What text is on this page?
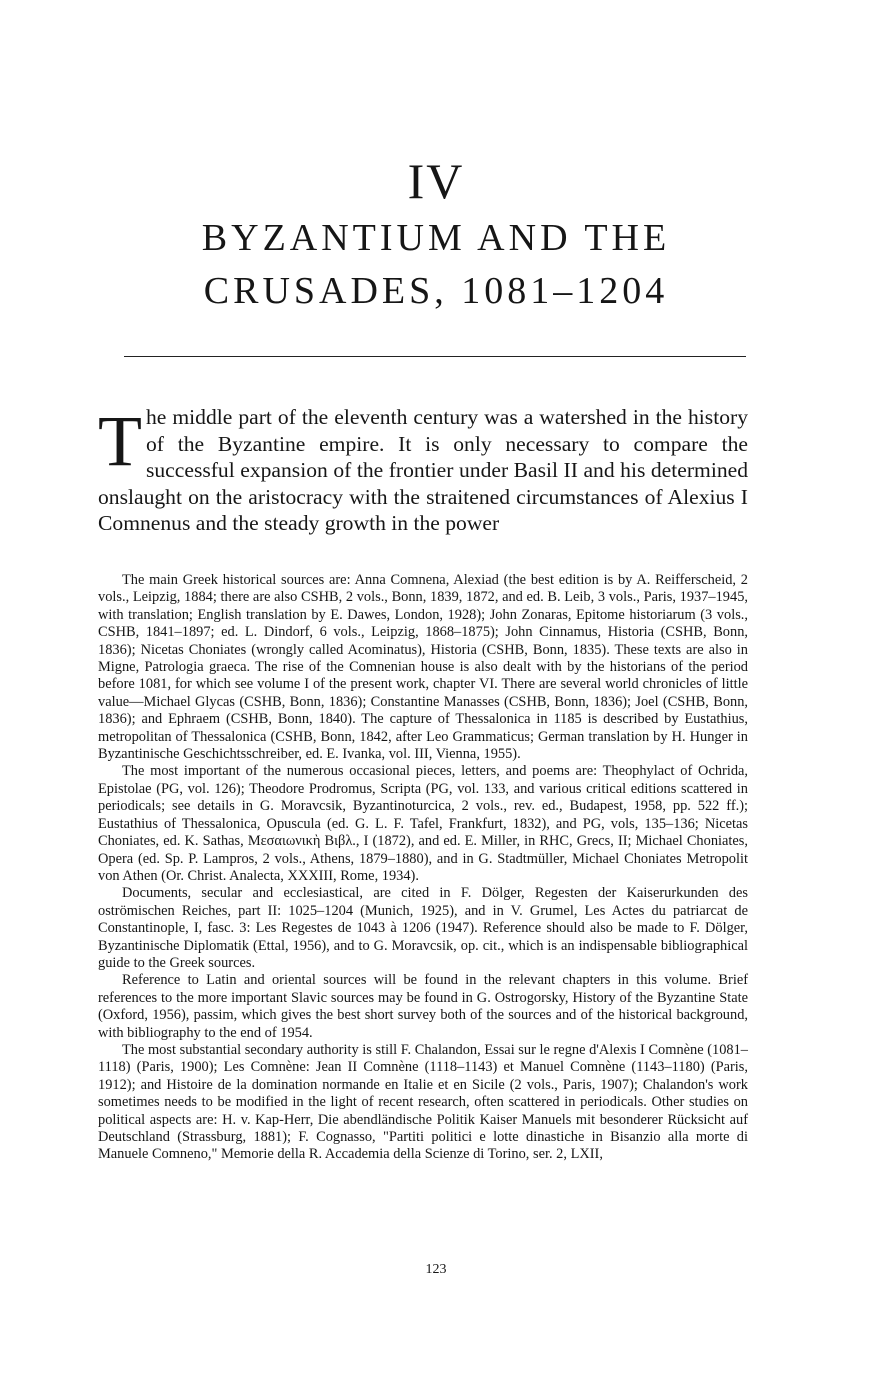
IV
BYZANTIUM AND THE
CRUSADES, 1081–1204
T he middle part of the eleventh century was a watershed in the history of the Byzantine empire. It is only necessary to compare the successful expansion of the frontier under Basil II and his determined onslaught on the aristocracy with the straitened circumstances of Alexius I Comnenus and the steady growth in the power

The main Greek historical sources are: Anna Comnena, Alexiad (the best edition is by A. Reifferscheid, 2 vols., Leipzig, 1884; there are also CSHB, 2 vols., Bonn, 1839, 1872, and ed. B. Leib, 3 vols., Paris, 1937–1945, with translation; English translation by E. Dawes, London, 1928); John Zonaras, Epitome historiarum (3 vols., CSHB, 1841–1897; ed. L. Dindorf, 6 vols., Leipzig, 1868–1875); John Cinnamus, Historia (CSHB, Bonn, 1836); Nicetas Choniates (wrongly called Acominatus), Historia (CSHB, Bonn, 1835). These texts are also in Migne, Patrologia graeca. The rise of the Comnenian house is also dealt with by the historians of the period before 1081, for which see volume I of the present work, chapter VI. There are several world chronicles of little value—Michael Glycas (CSHB, Bonn, 1836); Constantine Manasses (CSHB, Bonn, 1836); Joel (CSHB, Bonn, 1836); and Ephraem (CSHB, Bonn, 1840). The capture of Thessalonica in 1185 is described by Eustathius, metropolitan of Thessalonica (CSHB, Bonn, 1842, after Leo Grammaticus; German translation by H. Hunger in Byzantinische Geschichtsschreiber, ed. E. Ivanka, vol. III, Vienna, 1955).

The most important of the numerous occasional pieces, letters, and poems are: Theophylact of Ochrida, Epistolae (PG, vol. 126); Theodore Prodromus, Scripta (PG, vol. 133, and various critical editions scattered in periodicals; see details in G. Moravcsik, Byzantinoturcica, 2 vols., rev. ed., Budapest, 1958, pp. 522 ff.); Eustathius of Thessalonica, Opuscula (ed. G. L. F. Tafel, Frankfurt, 1832), and PG, vols, 135–136; Nicetas Choniates, ed. K. Sathas, Μεσαιωνικὴ Βιβλ., I (1872), and ed. E. Miller, in RHC, Grecs, II; Michael Choniates, Opera (ed. Sp. P. Lampros, 2 vols., Athens, 1879–1880), and in G. Stadtmüller, Michael Choniates Metropolit von Athen (Or. Christ. Analecta, XXXIII, Rome, 1934).

Documents, secular and ecclesiastical, are cited in F. Dölger, Regesten der Kaiserurkunden des oströmischen Reiches, part II: 1025–1204 (Munich, 1925), and in V. Grumel, Les Actes du patriarcat de Constantinople, I, fasc. 3: Les Regestes de 1043 à 1206 (1947). Reference should also be made to F. Dölger, Byzantinische Diplomatik (Ettal, 1956), and to G. Moravcsik, op. cit., which is an indispensable bibliographical guide to the Greek sources.

Reference to Latin and oriental sources will be found in the relevant chapters in this volume. Brief references to the more important Slavic sources may be found in G. Ostrogorsky, History of the Byzantine State (Oxford, 1956), passim, which gives the best short survey both of the sources and of the historical background, with bibliography to the end of 1954.

The most substantial secondary authority is still F. Chalandon, Essai sur le regne d'Alexis I Comnène (1081–1118) (Paris, 1900); Les Comnène: Jean II Comnène (1118–1143) et Manuel Comnène (1143–1180) (Paris, 1912); and Histoire de la domination normande en Italie et en Sicile (2 vols., Paris, 1907); Chalandon's work sometimes needs to be modified in the light of recent research, often scattered in periodicals. Other studies on political aspects are: H. v. Kap-Herr, Die abendländische Politik Kaiser Manuels mit besonderer Rücksicht auf Deutschland (Strassburg, 1881); F. Cognasso, "Partiti politici e lotte dinastiche in Bisanzio alla morte di Manuele Comneno," Memorie della R. Accademia della Scienze di Torino, ser. 2, LXII,

123
